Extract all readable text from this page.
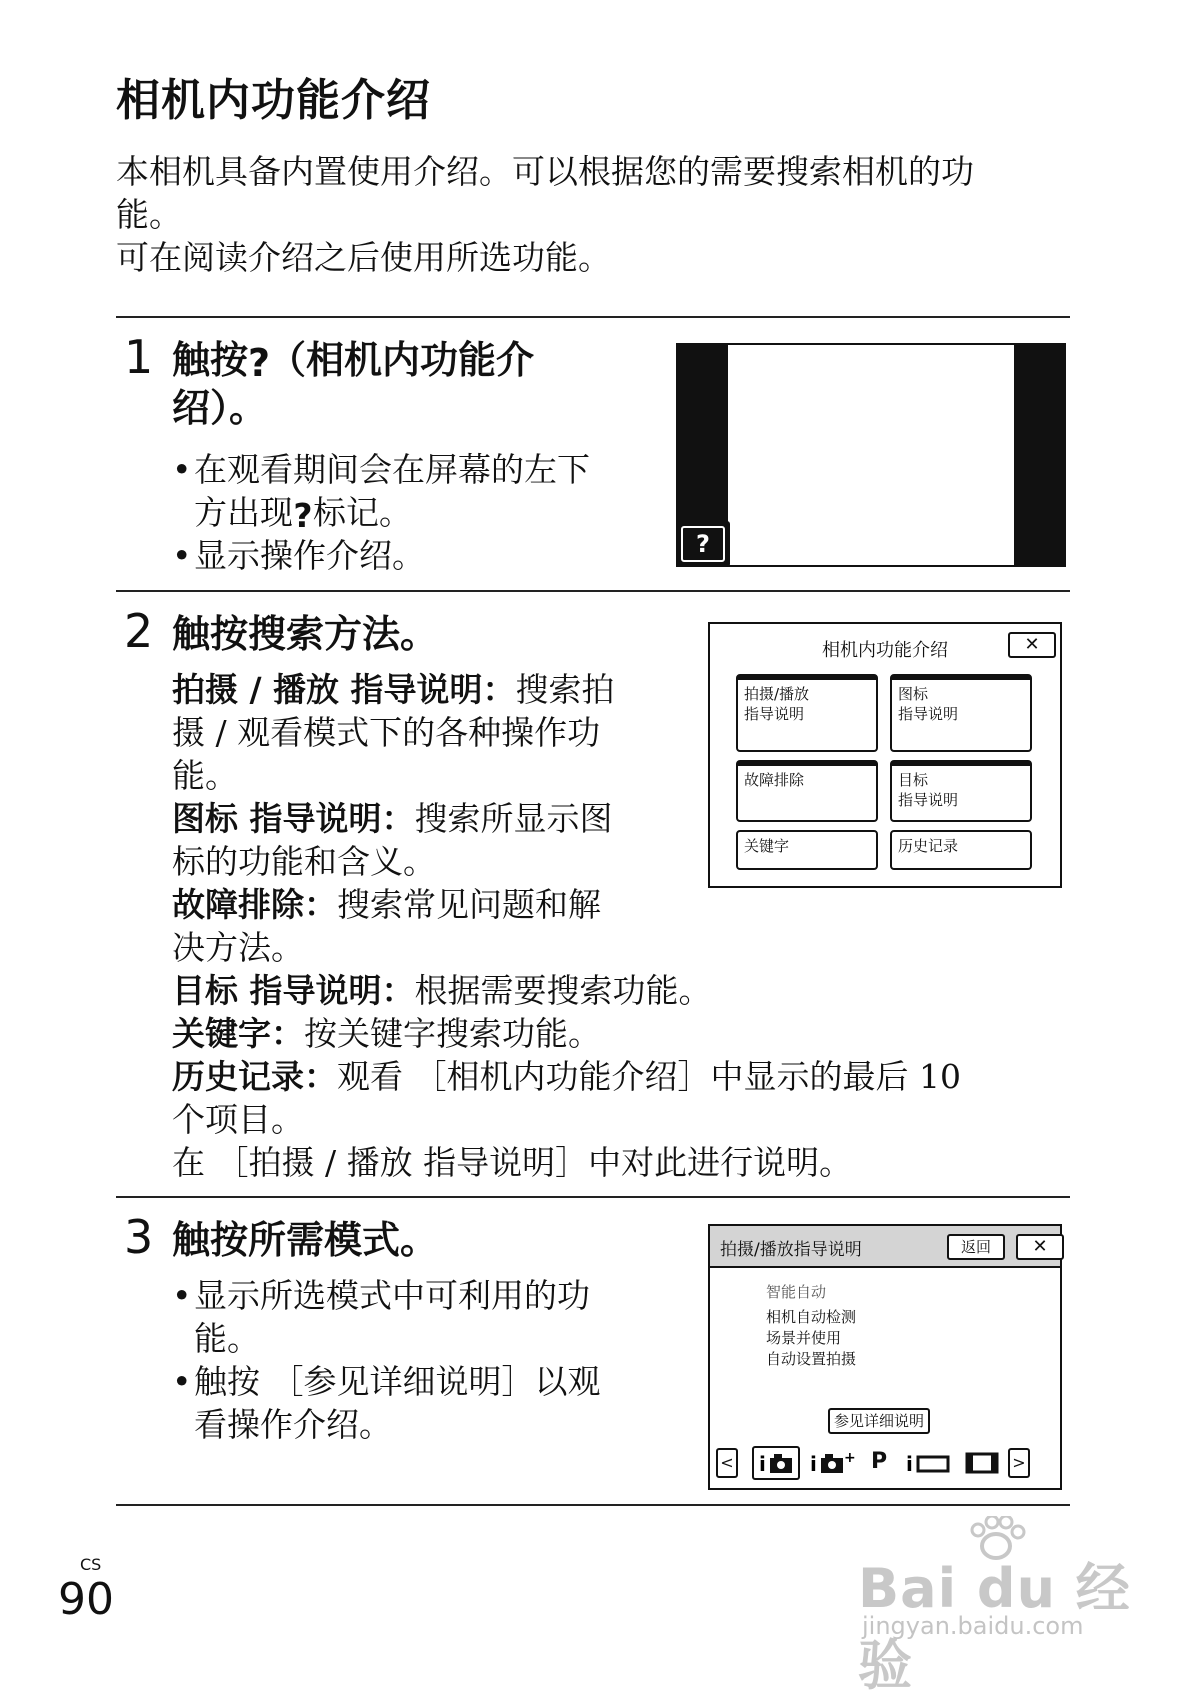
相机内功能介绍
本相机具备内置使用介绍。可以根据您的需要搜索相机的功
能。
可在阅读介绍之后使用所选功能。
1 触按?（相机内功能介
绍）。
• 在观看期间会在屏幕的左下
方出现?标记。
• 显示操作介绍。	?
2 触按搜索方法。
拍摄 / 播放 指导说明：搜索拍
摄 / 观看模式下的各种操作功
能。
图标 指导说明：搜索所显示图
标的功能和含义。
故障排除：搜索常见问题和解
决方法。
目标 指导说明：根据需要搜索功能。
关键字：按关键字搜索功能。
历史记录：观看 ［相机内功能介绍］中显示的最后 10
个项目。
在 ［拍摄 / 播放 指导说明］中对此进行说明。
相机内功能介绍	✕
拍摄/播放
指导说明
图标
指导说明
故障排除	目标
指导说明
关键字	历史记录
3 触按所需模式。
• 显示所选模式中可利用的功
能。
• 触按 ［参见详细说明］以观
看操作介绍。
拍摄/播放指导说明	返回	✕
智能自动
相机自动检测
场景并使用
自动设置拍摄
参见详细说明
< i i + P i	>
CS
90	Bai du 经验
jingyan.baidu.com
